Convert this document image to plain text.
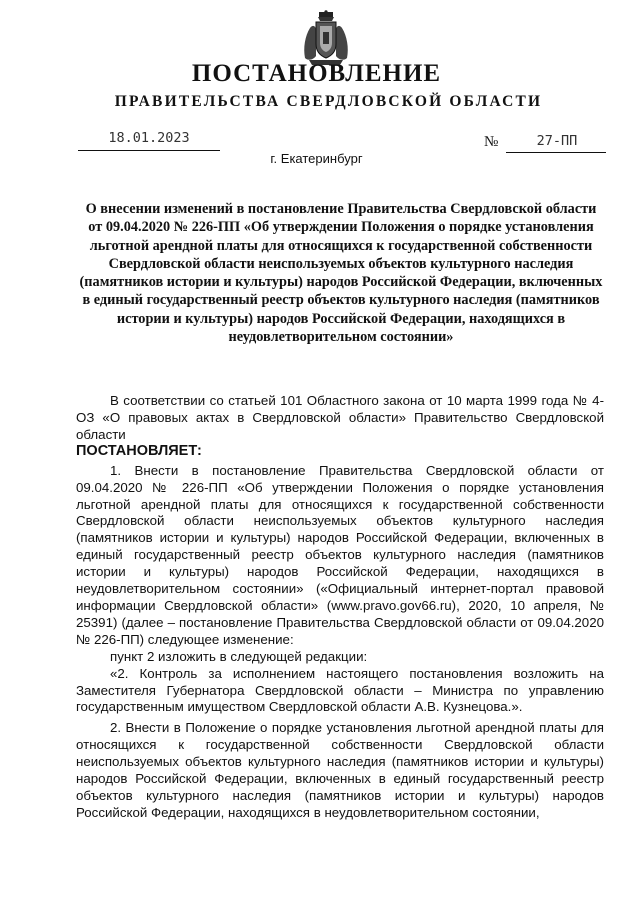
ПОСТАНОВЛЕНИЕ
ПРАВИТЕЛЬСТВА СВЕРДЛОВСКОЙ ОБЛАСТИ
18.01.2023	№	27-ПП
г. Екатеринбург
О внесении изменений в постановление Правительства Свердловской области от 09.04.2020 № 226-ПП «Об утверждении Положения о порядке установления льготной арендной платы для относящихся к государственной собственности Свердловской области неиспользуемых объектов культурного наследия (памятников истории и культуры) народов Российской Федерации, включенных в единый государственный реестр объектов культурного наследия (памятников истории и культуры) народов Российской Федерации, находящихся в неудовлетворительном состоянии»

В соответствии со статьей 101 Областного закона от 10 марта 1999 года № 4-ОЗ «О правовых актах в Свердловской области» Правительство Свердловской области

ПОСТАНОВЛЯЕТ:

1. Внести в постановление Правительства Свердловской области от 09.04.2020 № 226-ПП «Об утверждении Положения о порядке установления льготной арендной платы для относящихся к государственной собственности Свердловской области неиспользуемых объектов культурного наследия (памятников истории и культуры) народов Российской Федерации, включенных в единый государственный реестр объектов культурного наследия (памятников истории и культуры) народов Российской Федерации, находящихся в неудовлетворительном состоянии» («Официальный интернет-портал правовой информации Свердловской области» (www.pravo.gov66.ru), 2020, 10 апреля, № 25391) (далее – постановление Правительства Свердловской области от 09.04.2020 № 226-ПП) следующее изменение:

пункт 2 изложить в следующей редакции:

«2. Контроль за исполнением настоящего постановления возложить на Заместителя Губернатора Свердловской области – Министра по управлению государственным имуществом Свердловской области А.В. Кузнецова.».

2. Внести в Положение о порядке установления льготной арендной платы для относящихся к государственной собственности Свердловской области неиспользуемых объектов культурного наследия (памятников истории и культуры) народов Российской Федерации, включенных в единый государственный реестр объектов культурного наследия (памятников истории и культуры) народов Российской Федерации, находящихся в неудовлетворительном состоянии,
